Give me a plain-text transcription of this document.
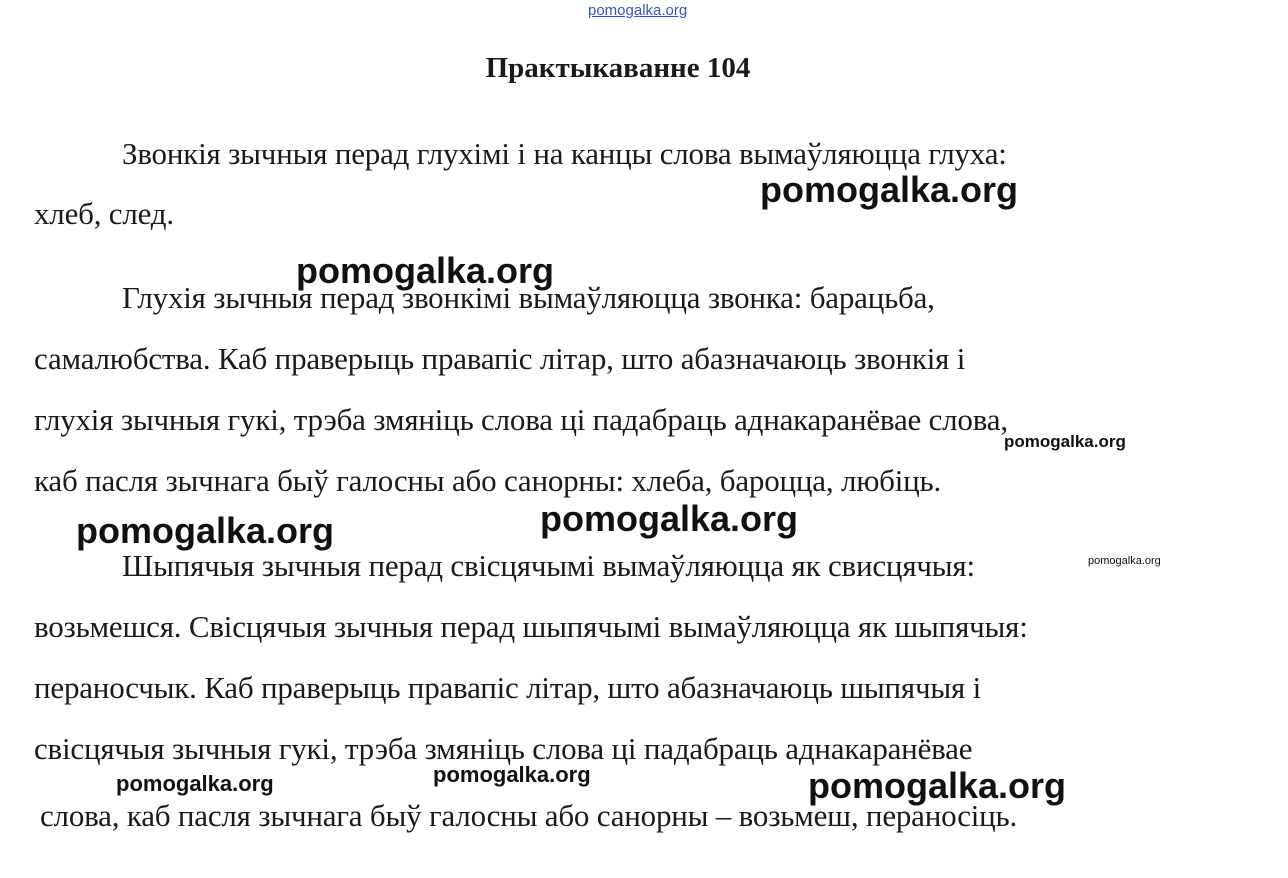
pomogalka.org
Практыкаванне 104
Звонкія зычныя перад глухімі і на канцы слова вымаўляюцца глуха:
хлеб, след.
Глухія зычныя перад звонкімі вымаўляюцца звонка: барацьба,
самалюбства. Каб праверыць правапіс літар, што абазначаюць звонкія і
глухія зычныя гукі, трэба змяніць слова ці падабраць аднакаранёвае слова,
каб пасля зычнага быў галосны або санорны: хлеба, бароцца, любіць.
Шыпячыя зычныя перад свісцячымі вымаўляюцца як свисцячыя:
возьмешся. Свісцячыя зычныя перад шыпячымі вымаўляюцца як шыпячыя:
пераносчык. Каб праверыць правапіс літар, што абазначаюць шыпячыя і
свісцячыя зычныя гукі, трэба змяніць слова ці падабраць аднакаранёвае
слова, каб пасля зычнага быў галосны або санорны – возьмеш, пераносіць.
pomogalka.org
pomogalka.org
pomogalka.org
pomogalka.org
pomogalka.org
pomogalka.org
pomogalka.org
pomogalka.org	pomogalka.org
